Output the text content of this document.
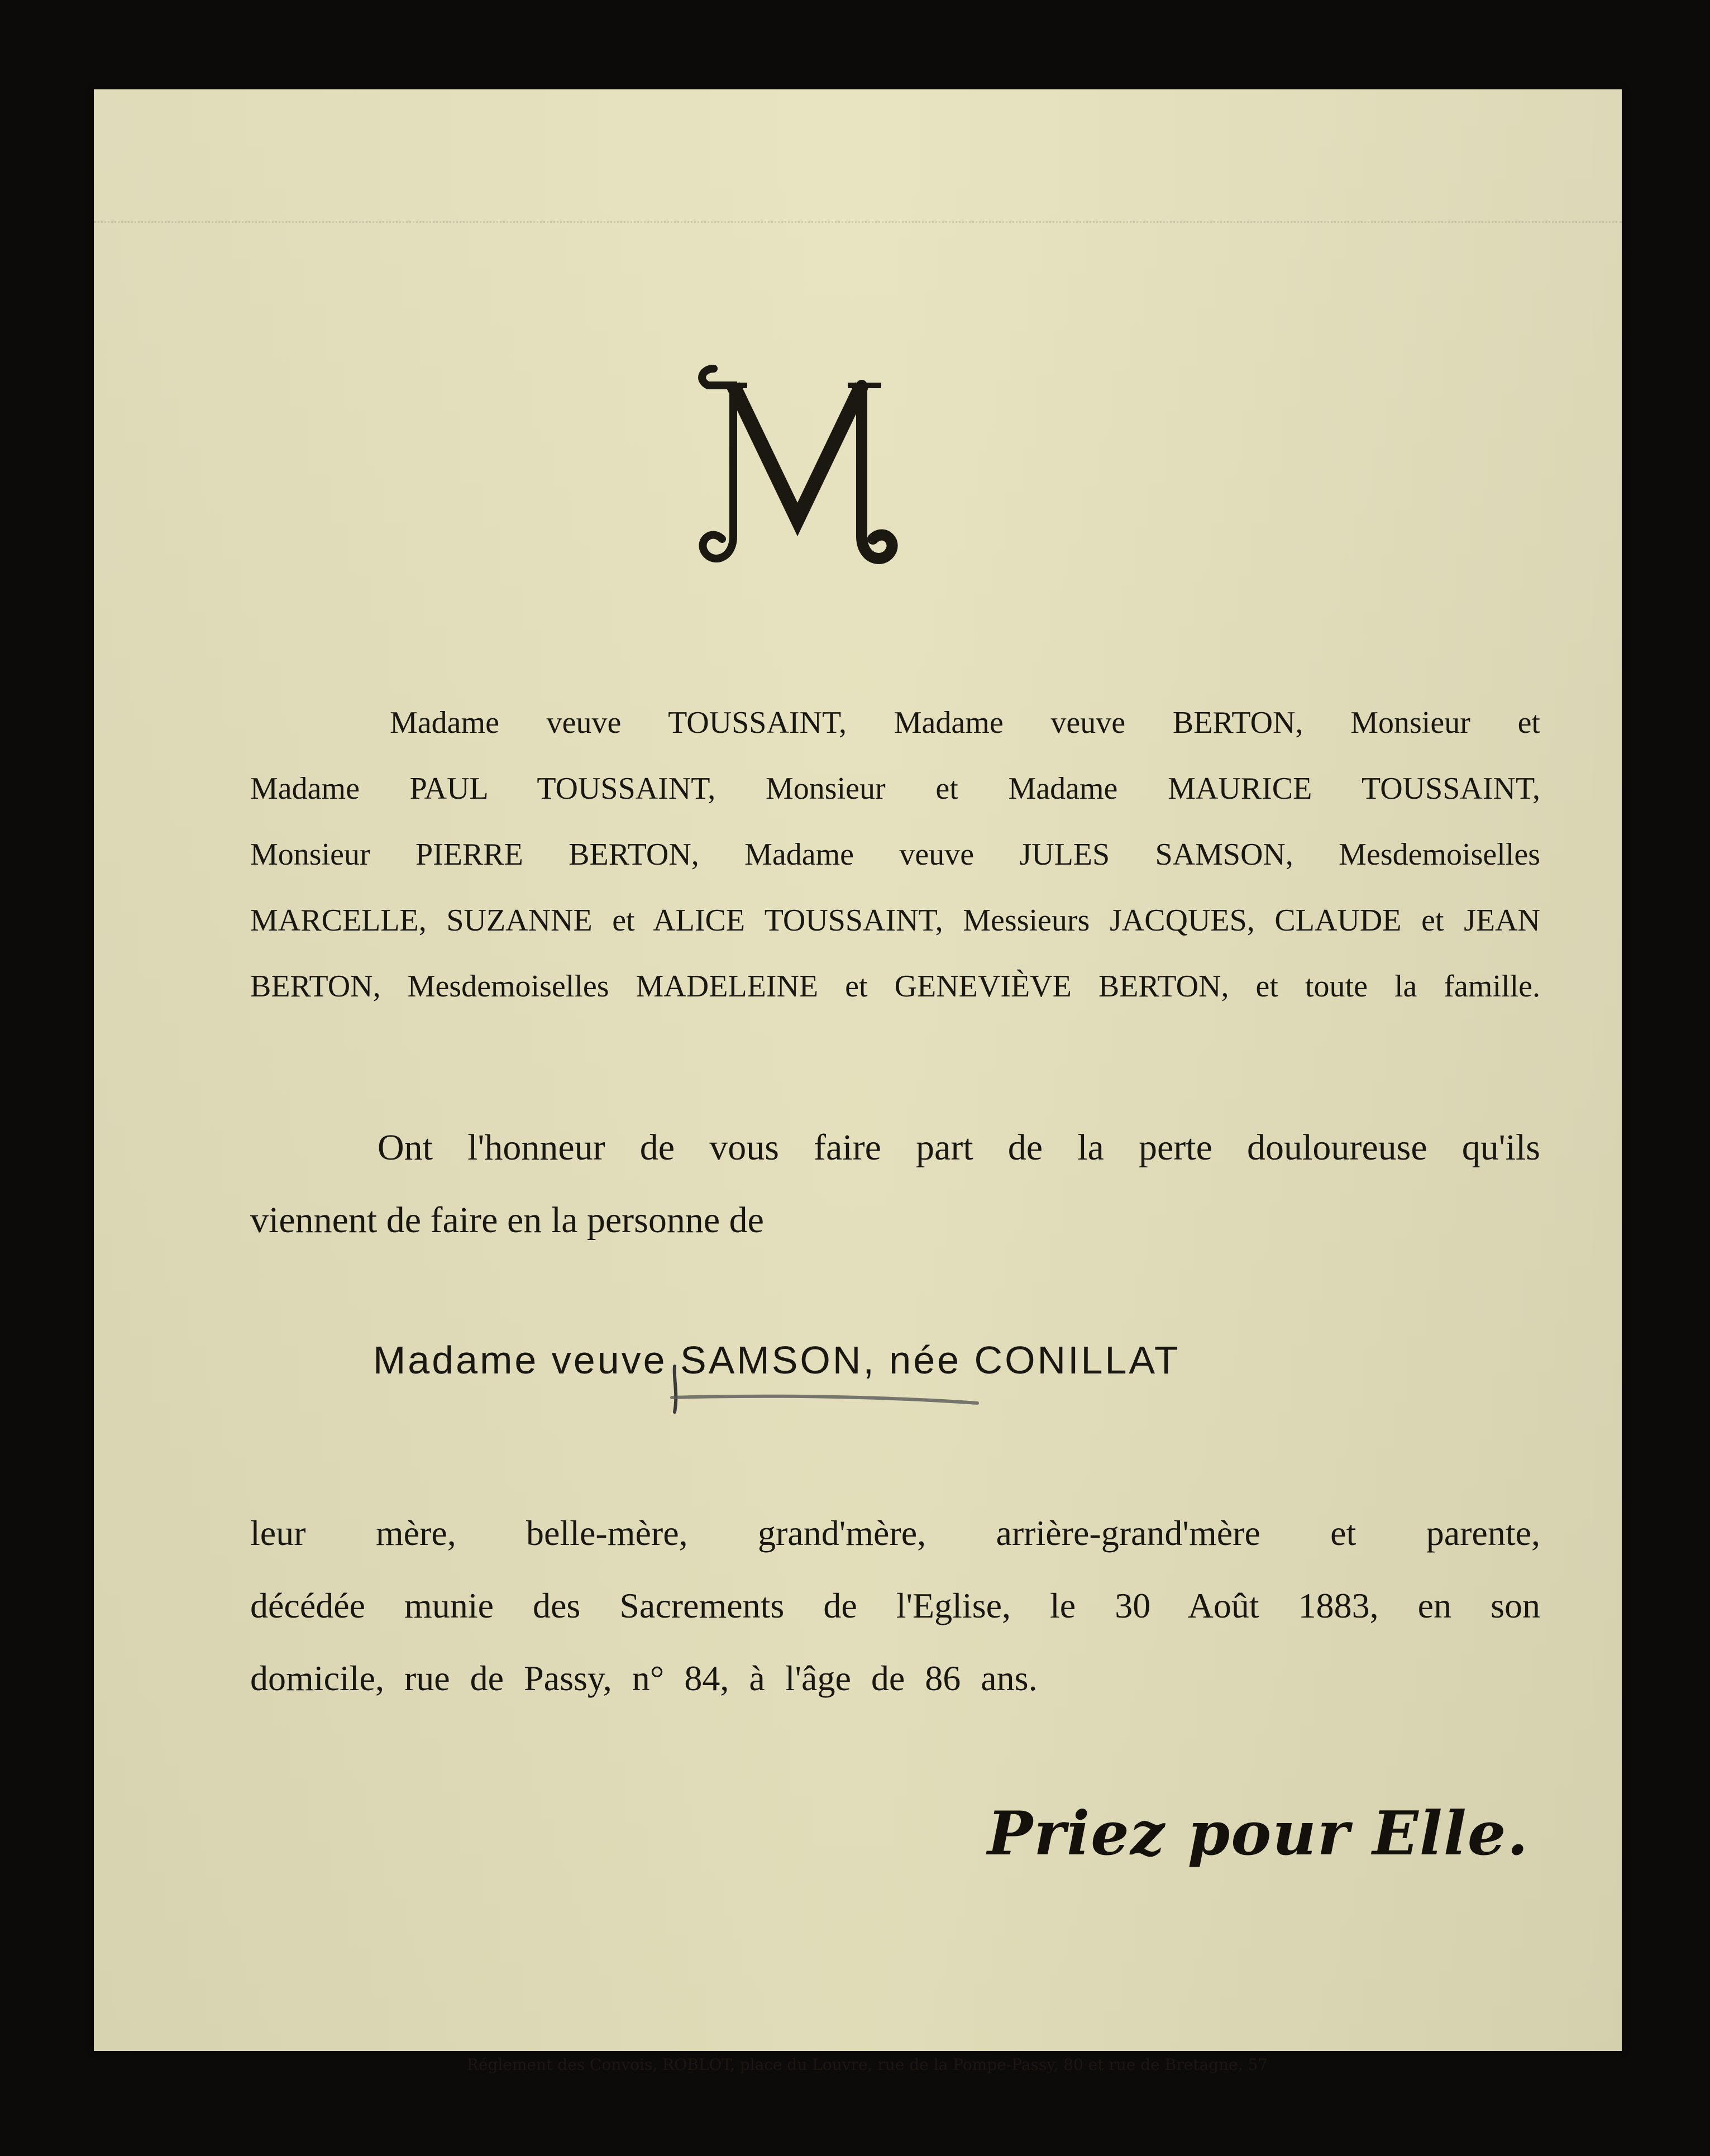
Madame veuve TOUSSAINT, Madame veuve BERTON, Monsieur et
Madame PAUL TOUSSAINT, Monsieur et Madame MAURICE TOUSSAINT,
Monsieur PIERRE BERTON, Madame veuve JULES SAMSON, Mesdemoiselles
MARCELLE, SUZANNE et ALICE TOUSSAINT, Messieurs JACQUES, CLAUDE et JEAN
BERTON, Mesdemoiselles MADELEINE et GENEVIÈVE BERTON, et toute la famille.
Ont l'honneur de vous faire part de la perte douloureuse qu'ils
viennent de faire en la personne de
Madame veuve SAMSON, née CONILLAT
leur mère, belle-mère, grand'mère, arrière-grand'mère et parente,
décédée munie des Sacrements de l'Eglise, le 30 Août 1883, en son
domicile, rue de Passy, n° 84, à l'âge de 86 ans.
Priez pour Elle.
Réglement des Convois, ROBLOT, place du Louvre, rue de la Pompe-Passy, 80 et rue de Bretagne, 57
